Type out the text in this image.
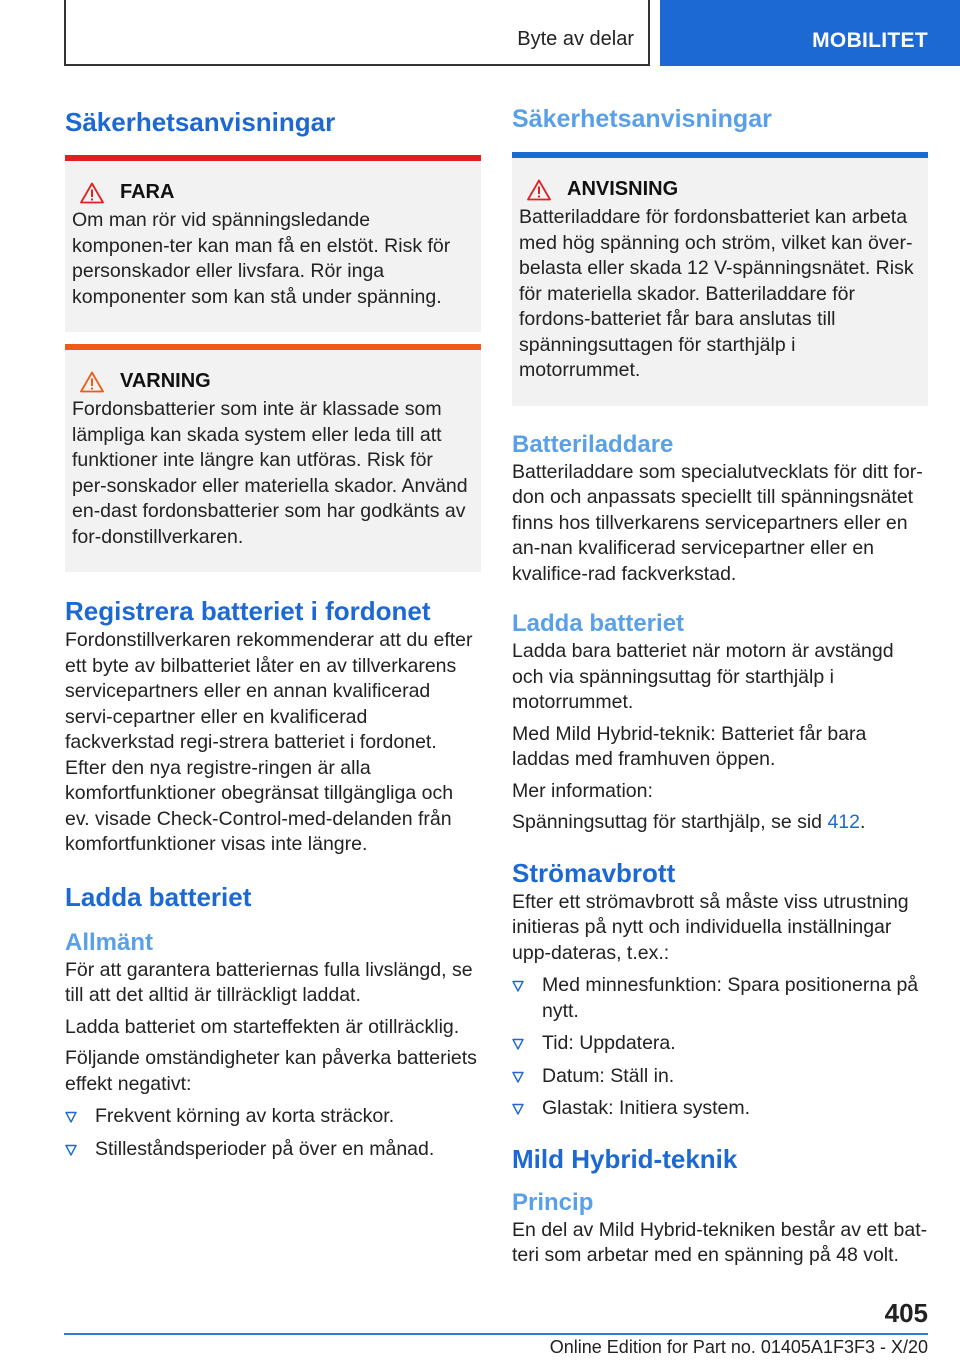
Byte av delar	MOBILITET
Säkerhetsanvisningar
FARA

Om man rör vid spänningsledande komponen-ter kan man få en elstöt. Risk för personskador eller livsfara. Rör inga komponenter som kan stå under spänning.

VARNING

Fordonsbatterier som inte är klassade som lämpliga kan skada system eller leda till att funktioner inte längre kan utföras. Risk för per-sonskador eller materiella skador. Använd en-dast fordonsbatterier som har godkänts av for-donstillverkaren.

Registrera batteriet i fordonet

Fordonstillverkaren rekommenderar att du efter ett byte av bilbatteriet låter en av tillverkarens servicepartners eller en annan kvalificerad servi-cepartner eller en kvalificerad fackverkstad regi-strera batteriet i fordonet. Efter den nya registre-ringen är alla komfortfunktioner obegränsat tillgängliga och ev. visade Check-Control-med-delanden från komfortfunktioner visas inte längre.

Ladda batteriet
Allmänt

För att garantera batteriernas fulla livslängd, se till att det alltid är tillräckligt laddat.

Ladda batteriet om starteffekten är otillräcklig.

Följande omständigheter kan påverka batteriets effekt negativt:

Frekvent körning av korta sträckor.
Stilleståndsperioder på över en månad.
Säkerhetsanvisningar
ANVISNING

Batteriladdare för fordonsbatteriet kan arbeta med hög spänning och ström, vilket kan över-belasta eller skada 12 V-spänningsnätet. Risk för materiella skador. Batteriladdare för fordons-batteriet får bara anslutas till spänningsuttagen för starthjälp i motorrummet.

Batteriladdare

Batteriladdare som specialutvecklats för ditt for-don och anpassats speciellt till spänningsnätet finns hos tillverkarens servicepartners eller en an-nan kvalificerad servicepartner eller en kvalifice-rad fackverkstad.

Ladda batteriet

Ladda bara batteriet när motorn är avstängd och via spänningsuttag för starthjälp i motorrummet.

Med Mild Hybrid-teknik: Batteriet får bara laddas med framhuven öppen.

Mer information:

Spänningsuttag för starthjälp, se sid 412.

Strömavbrott

Efter ett strömavbrott så måste viss utrustning initieras på nytt och individuella inställningar upp-dateras, t.ex.:

Med minnesfunktion: Spara positionerna på nytt.
Tid: Uppdatera.
Datum: Ställ in.
Glastak: Initiera system.
Mild Hybrid-teknik
Princip

En del av Mild Hybrid-tekniken består av ett bat-teri som arbetar med en spänning på 48 volt.

405
Online Edition for Part no. 01405A1F3F3 - X/20
